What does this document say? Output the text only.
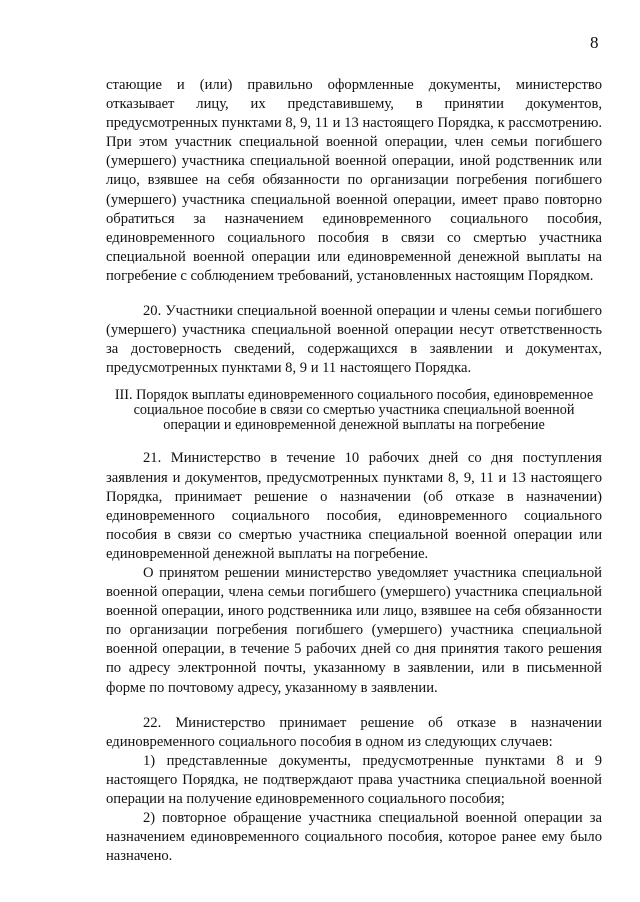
8

стающие и (или) правильно оформленные документы, министерство отказывает лицу, их представившему, в принятии документов, предусмотренных пунктами 8, 9, 11 и 13 настоящего Порядка, к рассмотрению. При этом участник специальной военной операции, член семьи погибшего (умершего) участника специальной военной операции, иной родственник или лицо, взявшее на себя обязанности по организации погребения погибшего (умершего) участника специальной военной операции, имеет право повторно обратиться за назначением единовременного социального пособия, единовременного социального пособия в связи со смертью участника специальной военной операции или единовременной денежной выплаты на погребение с соблюдением требований, установленных настоящим Порядком.

20. Участники специальной военной операции и члены семьи погибшего (умершего) участника специальной военной операции несут ответственность за достоверность сведений, содержащихся в заявлении и документах, предусмотренных пунктами 8, 9 и 11 настоящего Порядка.

III. Порядок выплаты единовременного социального пособия, единовременное социальное пособие в связи со смертью участника специальной военной операции и единовременной денежной выплаты на погребение

21. Министерство в течение 10 рабочих дней со дня поступления заявления и документов, предусмотренных пунктами 8, 9, 11 и 13 настоящего Порядка, принимает решение о назначении (об отказе в назначении) единовременного социального пособия, единовременного социального пособия в связи со смертью участника специальной военной операции или единовременной денежной выплаты на погребение.

О принятом решении министерство уведомляет участника специальной военной операции, члена семьи погибшего (умершего) участника специальной военной операции, иного родственника или лицо, взявшее на себя обязанности по организации погребения погибшего (умершего) участника специальной военной операции, в течение 5 рабочих дней со дня принятия такого решения по адресу электронной почты, указанному в заявлении, или в письменной форме по почтовому адресу, указанному в заявлении.

22. Министерство принимает решение об отказе в назначении единовременного социального пособия в одном из следующих случаев:

1) представленные документы, предусмотренные пунктами 8 и 9 настоящего Порядка, не подтверждают права участника специальной военной операции на получение единовременного социального пособия;

2) повторное обращение участника специальной военной операции за назначением единовременного социального пособия, которое ранее ему было назначено.
